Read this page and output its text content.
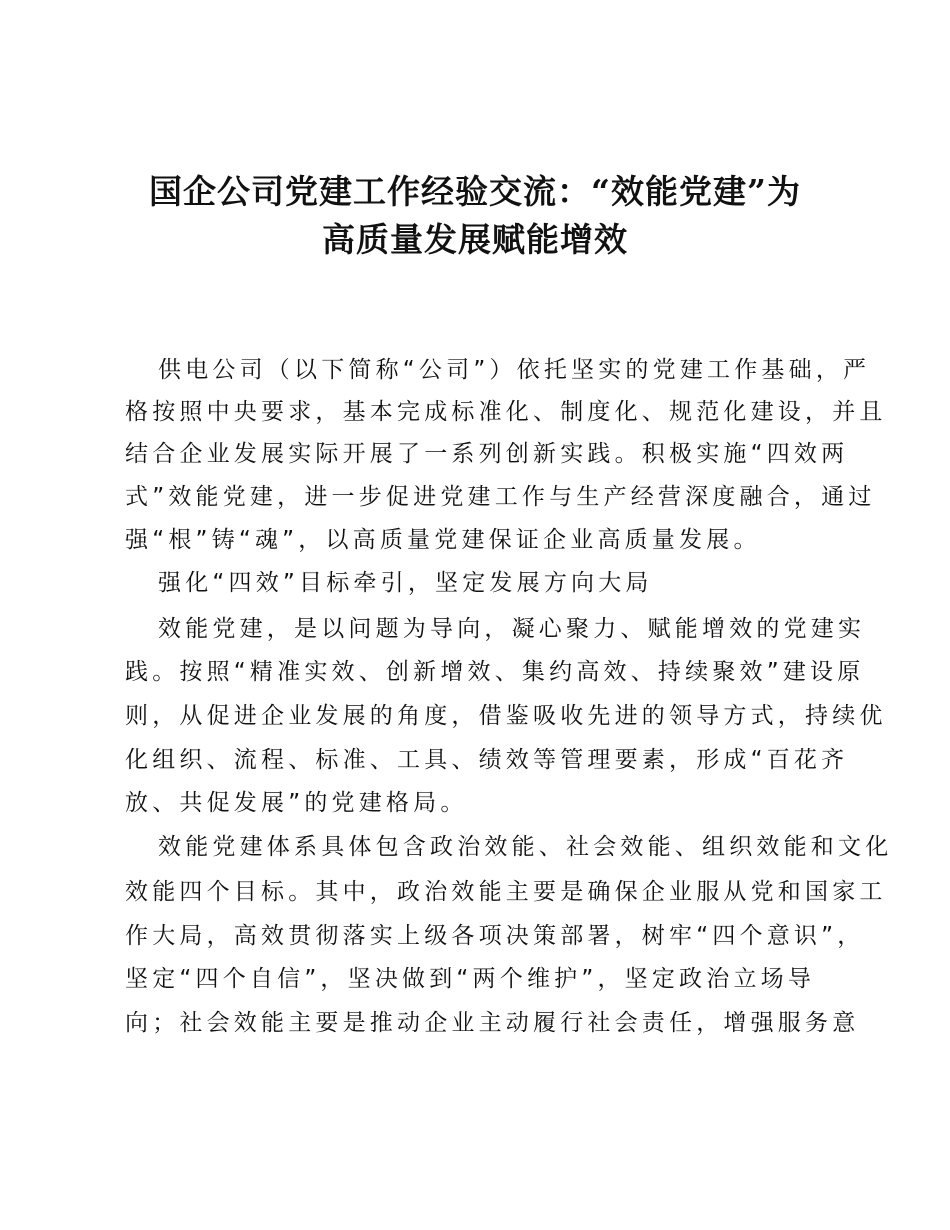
国企公司党建工作经验交流：“效能党建”为
高质量发展赋能增效
供电公司（以下简称“公司”）依托坚实的党建工作基础，严
格按照中央要求，基本完成标准化、制度化、规范化建设，并且
结合企业发展实际开展了一系列创新实践。积极实施“四效两
式”效能党建，进一步促进党建工作与生产经营深度融合，通过
强“根”铸“魂”，以高质量党建保证企业高质量发展。
强化“四效”目标牵引，坚定发展方向大局
效能党建，是以问题为导向，凝心聚力、赋能增效的党建实
践。按照“精准实效、创新增效、集约高效、持续聚效”建设原
则，从促进企业发展的角度，借鉴吸收先进的领导方式，持续优
化组织、流程、标准、工具、绩效等管理要素，形成“百花齐
放、共促发展”的党建格局。
效能党建体系具体包含政治效能、社会效能、组织效能和文化
效能四个目标。其中，政治效能主要是确保企业服从党和国家工
作大局，高效贯彻落实上级各项决策部署，树牢“四个意识”，
坚定“四个自信”，坚决做到“两个维护”，坚定政治立场导
向；社会效能主要是推动企业主动履行社会责任，增强服务意
